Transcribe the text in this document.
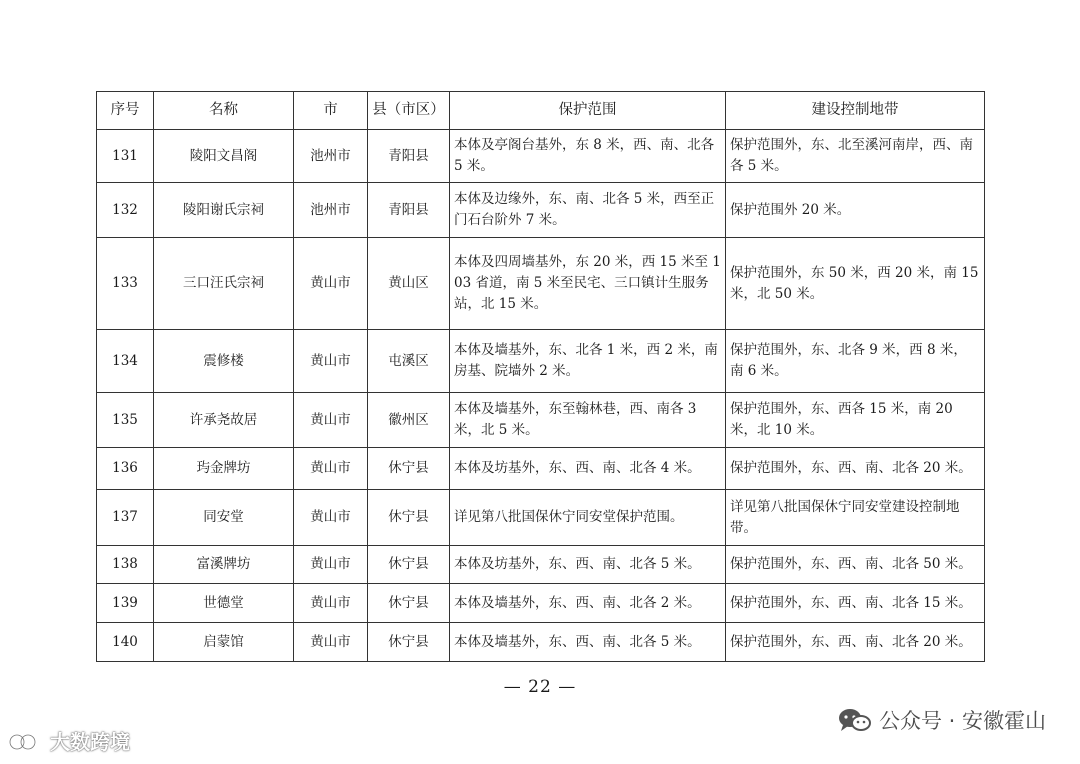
序号	名称	市	县（市区）	保护范围	建设控制地带
131	陵阳文昌阁	池州市	青阳县	本体及亭阁台基外，东 8 米，西、南、北各 5 米。	保护范围外，东、北至溪河南岸，西、南各 5 米。
132	陵阳谢氏宗祠	池州市	青阳县	本体及边缘外，东、南、北各 5 米，西至正门石台阶外 7 米。	保护范围外 20 米。
133	三口汪氏宗祠	黄山市	黄山区	本体及四周墙基外，东 20 米，西 15 米至 103 省道，南 5 米至民宅、三口镇计生服务站，北 15 米。	保护范围外，东 50 米，西 20 米，南 15 米，北 50 米。
134	震修楼	黄山市	屯溪区	本体及墙基外，东、北各 1 米，西 2 米，南房基、院墙外 2 米。	保护范围外，东、北各 9 米，西 8 米，南 6 米。
135	许承尧故居	黄山市	徽州区	本体及墙基外，东至翰林巷，西、南各 3 米，北 5 米。	保护范围外，东、西各 15 米，南 20 米，北 10 米。
136	玙金牌坊	黄山市	休宁县	本体及坊基外，东、西、南、北各 4 米。	保护范围外，东、西、南、北各 20 米。
137	同安堂	黄山市	休宁县	详见第八批国保休宁同安堂保护范围。	详见第八批国保休宁同安堂建设控制地带。
138	富溪牌坊	黄山市	休宁县	本体及坊基外，东、西、南、北各 5 米。	保护范围外，东、西、南、北各 50 米。
139	世德堂	黄山市	休宁县	本体及墙基外，东、西、南、北各 2 米。	保护范围外，东、西、南、北各 15 米。
140	启蒙馆	黄山市	休宁县	本体及墙基外，东、西、南、北各 5 米。	保护范围外，东、西、南、北各 20 米。
— 22 —
大数跨境
公众号 · 安徽霍山
